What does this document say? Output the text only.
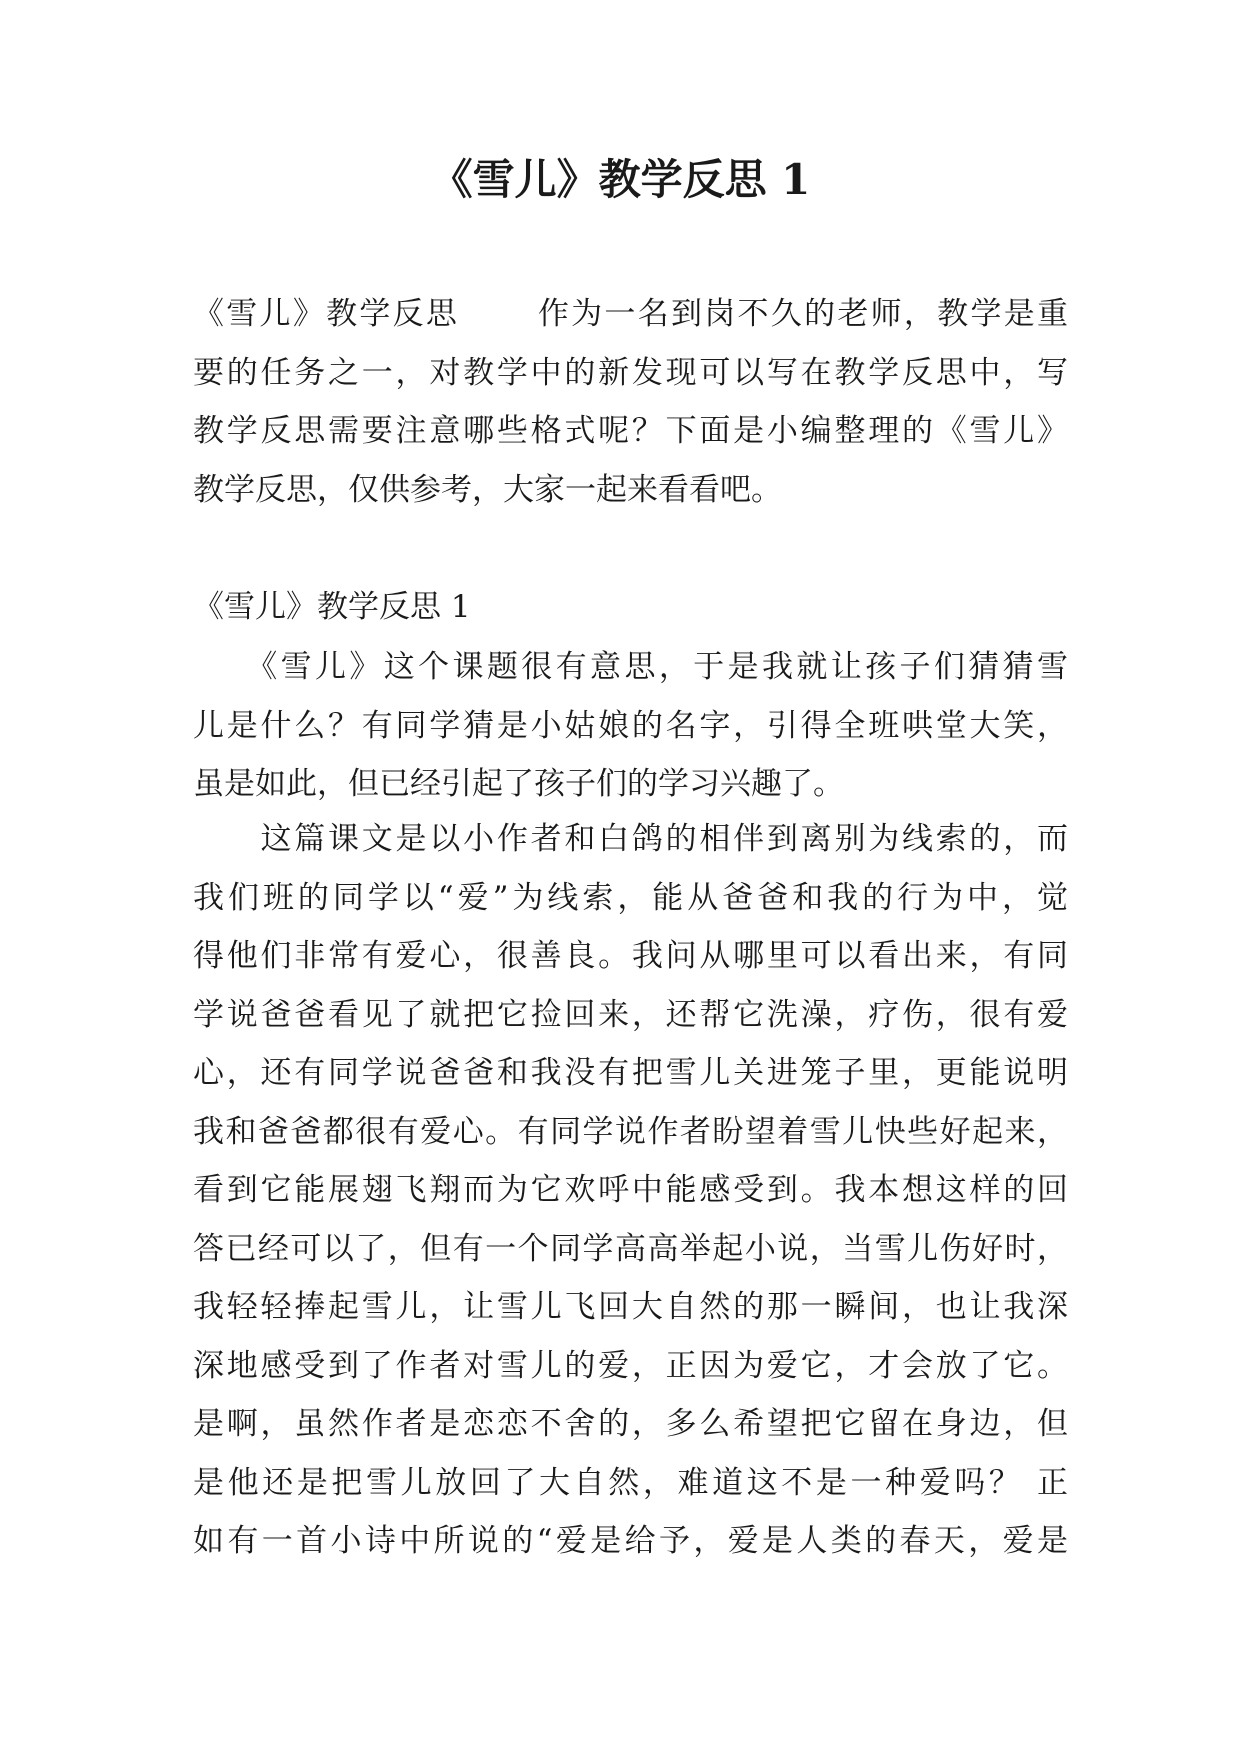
《雪儿》教学反思 1
《雪儿》教学反思　　 作为一名到岗不久的老师，教学是重
要的任务之一，对教学中的新发现可以写在教学反思中，写
教学反思需要注意哪些格式呢？下面是小编整理的《雪儿》
教学反思，仅供参考，大家一起来看看吧。
《雪儿》教学反思 1
　　《雪儿》这个课题很有意思，于是我就让孩子们猜猜雪
儿是什么？有同学猜是小姑娘的名字，引得全班哄堂大笑，
虽是如此，但已经引起了孩子们的学习兴趣了。
　　这篇课文是以小作者和白鸽的相伴到离别为线索的，而
我们班的同学以“爱”为线索，能从爸爸和我的行为中，觉
得他们非常有爱心，很善良。我问从哪里可以看出来，有同
学说爸爸看见了就把它捡回来，还帮它洗澡，疗伤，很有爱
心，还有同学说爸爸和我没有把雪儿关进笼子里，更能说明
我和爸爸都很有爱心。有同学说作者盼望着雪儿快些好起来，
看到它能展翅飞翔而为它欢呼中能感受到。我本想这样的回
答已经可以了，但有一个同学高高举起小说，当雪儿伤好时，
我轻轻捧起雪儿，让雪儿飞回大自然的那一瞬间，也让我深
深地感受到了作者对雪儿的爱，正因为爱它，才会放了它。
是啊，虽然作者是恋恋不舍的，多么希望把它留在身边，但
是他还是把雪儿放回了大自然，难道这不是一种爱吗？ 正
如有一首小诗中所说的“爱是给予，爱是人类的春天，爱是
